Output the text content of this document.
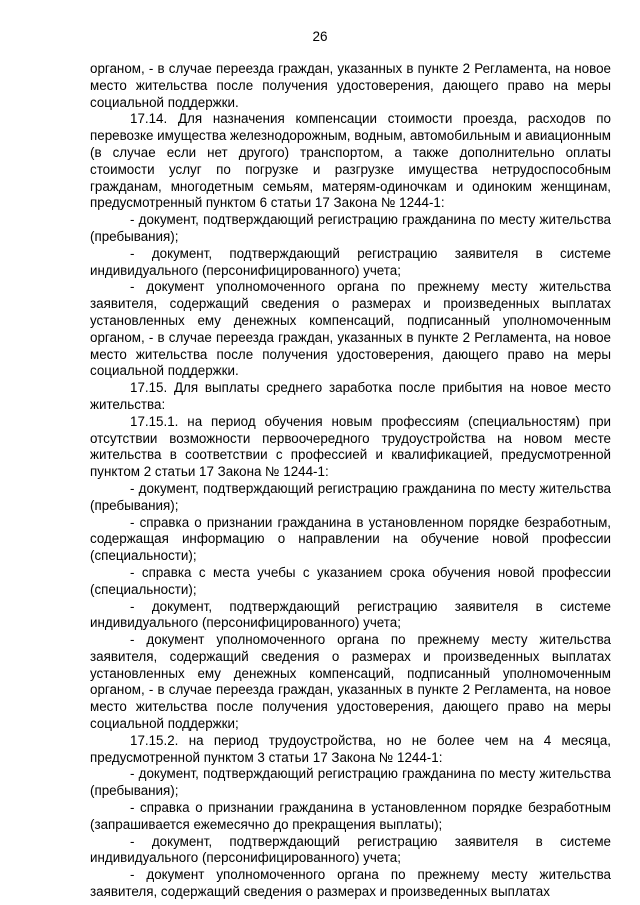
26

органом, - в случае переезда граждан, указанных в пункте 2 Регламента, на новое место жительства после получения удостоверения, дающего право на меры социальной поддержки.

17.14. Для назначения компенсации стоимости проезда, расходов по перевозке имущества железнодорожным, водным, автомобильным и авиационным (в случае если нет другого) транспортом, а также дополнительно оплаты стоимости услуг по погрузке и разгрузке имущества нетрудоспособным гражданам, многодетным семьям, матерям-одиночкам и одиноким женщинам, предусмотренный пунктом 6 статьи 17 Закона № 1244-1:

- документ, подтверждающий регистрацию гражданина по месту жительства (пребывания);

- документ, подтверждающий регистрацию заявителя в системе индивидуального (персонифицированного) учета;

- документ уполномоченного органа по прежнему месту жительства заявителя, содержащий сведения о размерах и произведенных выплатах установленных ему денежных компенсаций, подписанный уполномоченным органом, - в случае переезда граждан, указанных в пункте 2 Регламента, на новое место жительства после получения удостоверения, дающего право на меры социальной поддержки.

17.15. Для выплаты среднего заработка после прибытия на новое место жительства:

17.15.1. на период обучения новым профессиям (специальностям) при отсутствии возможности первоочередного трудоустройства на новом месте жительства в соответствии с профессией и квалификацией, предусмотренной пунктом 2 статьи 17 Закона № 1244-1:

- документ, подтверждающий регистрацию гражданина по месту жительства (пребывания);

- справка о признании гражданина в установленном порядке безработным, содержащая информацию о направлении на обучение новой профессии (специальности);

- справка с места учебы с указанием срока обучения новой профессии (специальности);

- документ, подтверждающий регистрацию заявителя в системе индивидуального (персонифицированного) учета;

- документ уполномоченного органа по прежнему месту жительства заявителя, содержащий сведения о размерах и произведенных выплатах установленных ему денежных компенсаций, подписанный уполномоченным органом, - в случае переезда граждан, указанных в пункте 2 Регламента, на новое место жительства после получения удостоверения, дающего право на меры социальной поддержки;

17.15.2. на период трудоустройства, но не более чем на 4 месяца, предусмотренной пунктом 3 статьи 17 Закона № 1244-1:

- документ, подтверждающий регистрацию гражданина по месту жительства (пребывания);

- справка о признании гражданина в установленном порядке безработным (запрашивается ежемесячно до прекращения выплаты);

- документ, подтверждающий регистрацию заявителя в системе индивидуального (персонифицированного) учета;

- документ уполномоченного органа по прежнему месту жительства заявителя, содержащий сведения о размерах и произведенных выплатах
